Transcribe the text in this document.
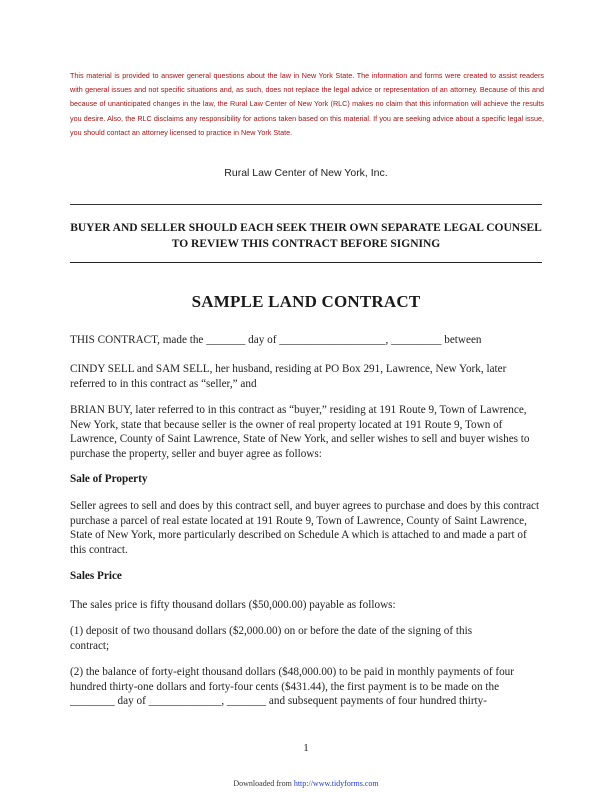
This material is provided to answer general questions about the law in New York State. The information and forms were created to assist readers with general issues and not specific situations and, as such, does not replace the legal advice or representation of an attorney. Because of this and because of unanticipated changes in the law, the Rural Law Center of New York (RLC) makes no claim that this information will achieve the results you desire. Also, the RLC disclaims any responsibility for actions taken based on this material. If you are seeking advice about a specific legal issue, you should contact an attorney licensed to practice in New York State.
Rural Law Center of New York, Inc.
BUYER AND SELLER SHOULD EACH SEEK THEIR OWN SEPARATE LEGAL COUNSEL TO REVIEW THIS CONTRACT BEFORE SIGNING
SAMPLE LAND CONTRACT
THIS CONTRACT, made the _______ day of ___________________, _________ between
CINDY SELL and SAM SELL, her husband, residing at PO Box 291, Lawrence, New York, later referred to in this contract as “seller,” and
BRIAN BUY, later referred to in this contract as “buyer,” residing at 191 Route 9, Town of Lawrence, New York, state that because seller is the owner of real property located at 191 Route 9, Town of Lawrence, County of Saint Lawrence, State of New York, and seller wishes to sell and buyer wishes to purchase the property, seller and buyer agree as follows:
Sale of Property
Seller agrees to sell and does by this contract sell, and buyer agrees to purchase and does by this contract purchase a parcel of real estate located at 191 Route 9, Town of Lawrence, County of Saint Lawrence, State of New York, more particularly described on Schedule A which is attached to and made a part of this contract.
Sales Price
The sales price is fifty thousand dollars ($50,000.00) payable as follows:
(1) deposit of two thousand dollars ($2,000.00) on or before the date of the signing of this contract;
(2) the balance of forty-eight thousand dollars ($48,000.00) to be paid in monthly payments of four hundred thirty-one dollars and forty-four cents ($431.44), the first payment is to be made on the ________ day of _____________, _______ and subsequent payments of four hundred thirty-
1
Downloaded from http://www.tidyforms.com
